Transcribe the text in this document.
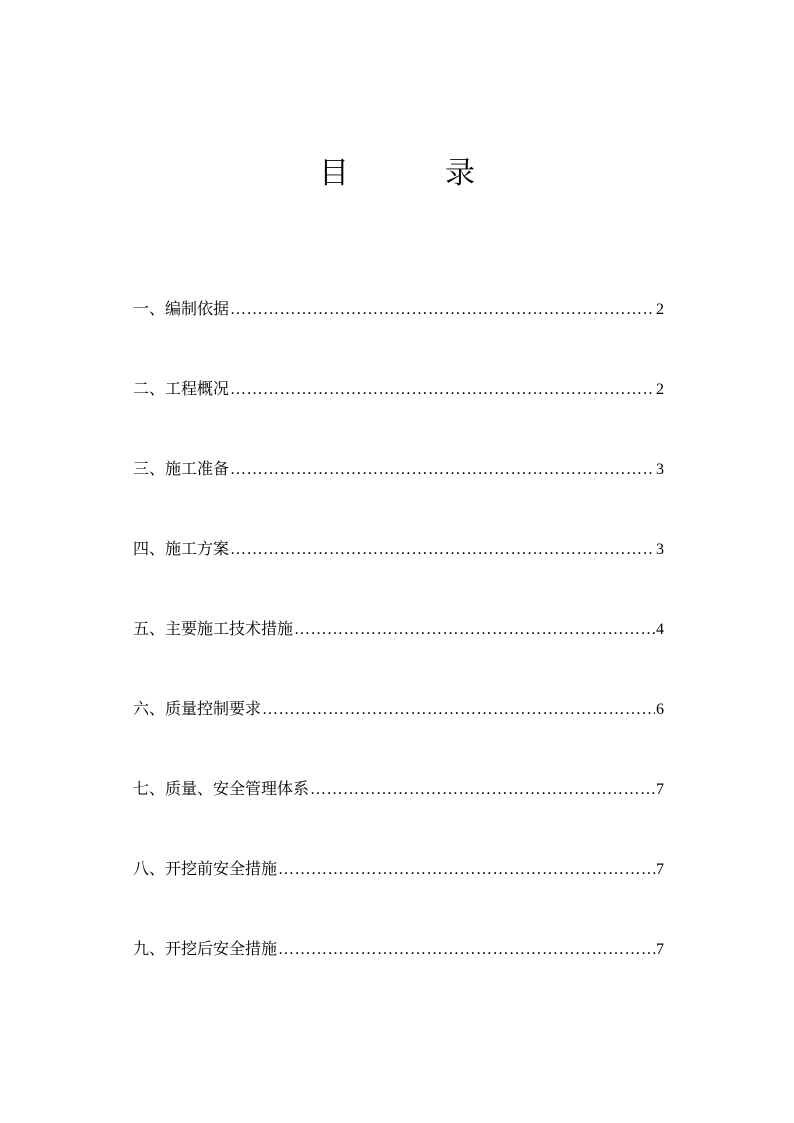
目	录
一、编制依据 ……………………………………………………………………………………………………………………………………………………………………………………	2
二、工程概况 ……………………………………………………………………………………………………………………………………………………………………………………	2
三、施工准备 ……………………………………………………………………………………………………………………………………………………………………………………	3
四、施工方案 ……………………………………………………………………………………………………………………………………………………………………………………	3
五、主要施工技术措施 ……………………………………………………………………………………………………………………………………………………………………………………	4
六、质量控制要求 ……………………………………………………………………………………………………………………………………………………………………………………	6
七、质量、安全管理体系 ……………………………………………………………………………………………………………………………………………………………………………………	7
八、开挖前安全措施 ……………………………………………………………………………………………………………………………………………………………………………………	7
九、开挖后安全措施 ……………………………………………………………………………………………………………………………………………………………………………………	7
